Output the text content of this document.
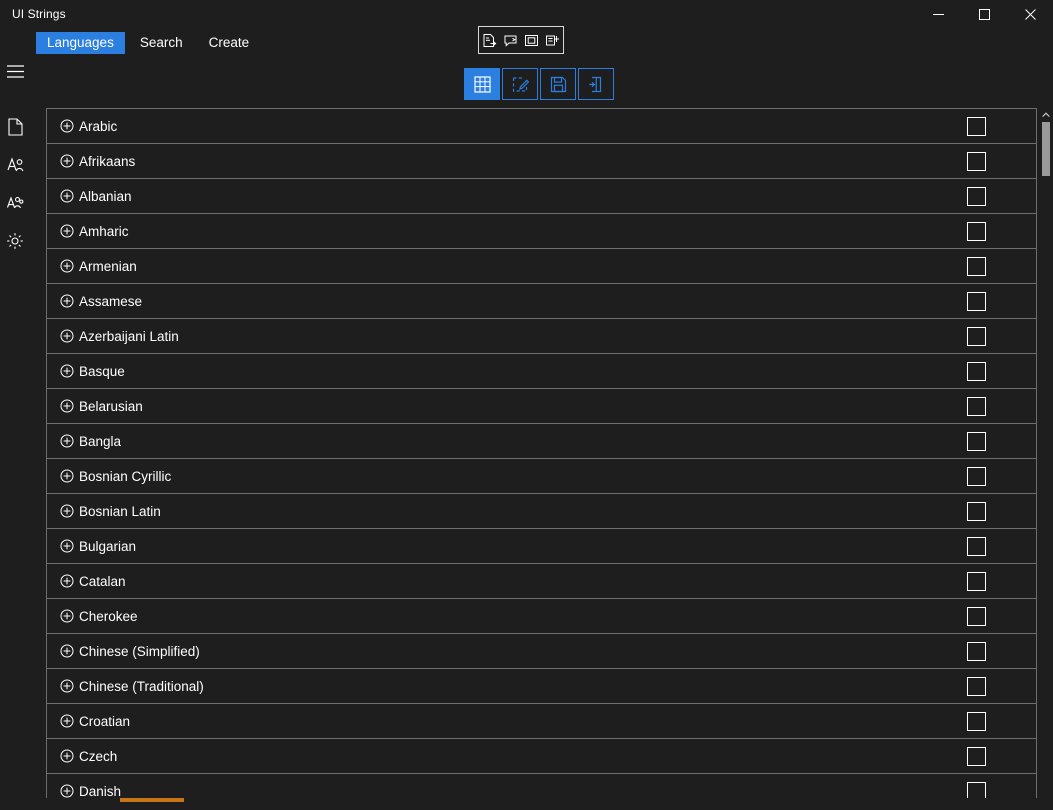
UI Strings
Languages	Search	Create
Arabic
Afrikaans
Albanian
Amharic
Armenian
Assamese
Azerbaijani Latin
Basque
Belarusian
Bangla
Bosnian Cyrillic
Bosnian Latin
Bulgarian
Catalan
Cherokee
Chinese (Simplified)
Chinese (Traditional)
Croatian
Czech
Danish
